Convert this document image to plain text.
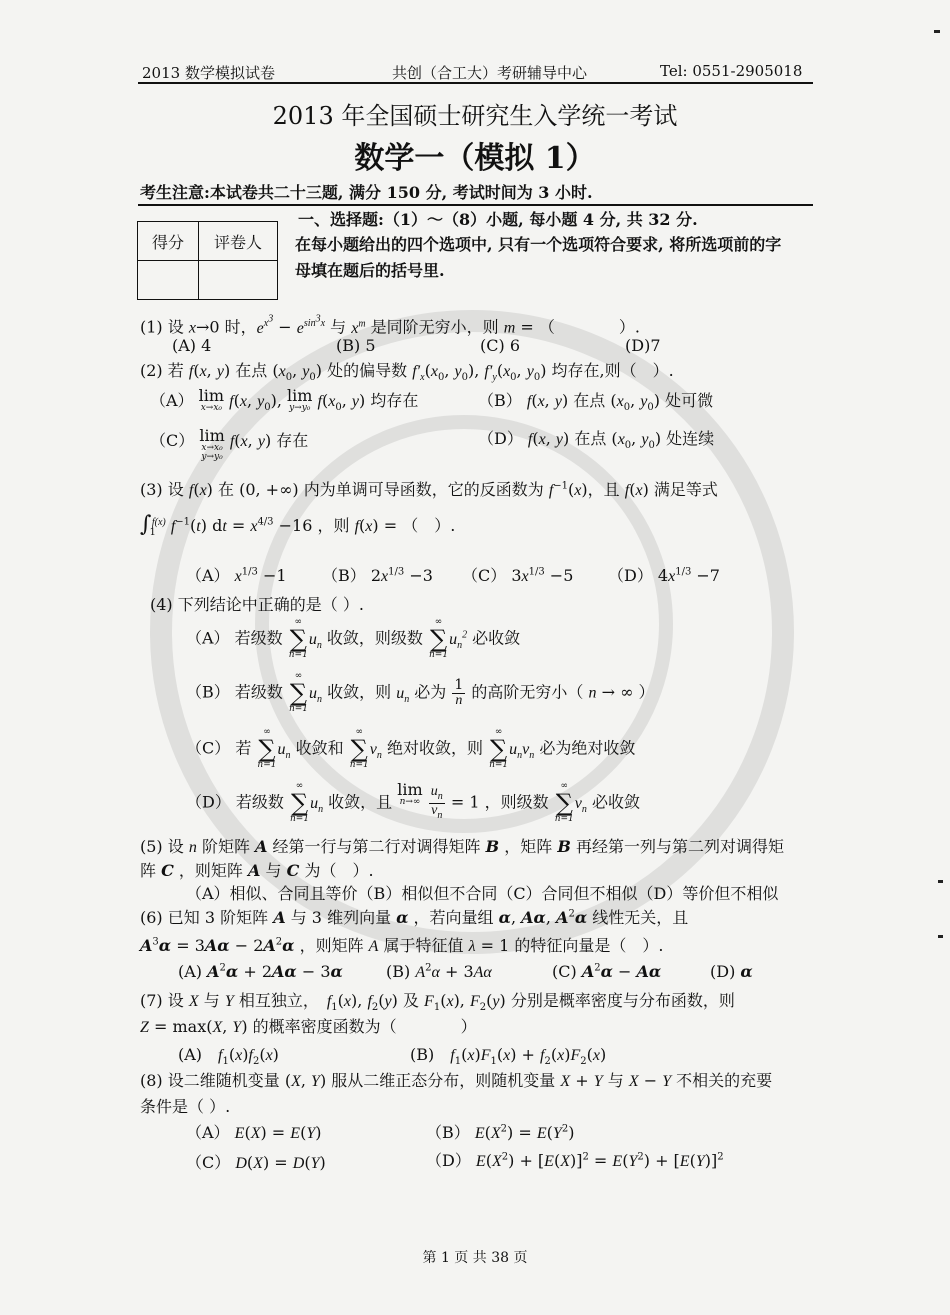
2013 数学模拟试卷	共创（合工大）考研辅导中心	Tel: 0551-2905018
2013 年全国硕士研究生入学统一考试
数学一（模拟 1）
考生注意:本试卷共二十三题, 满分 150 分, 考试时间为 3 小时.
得分	评卷人

一、选择题:（1）～（8）小题, 每小题 4 分, 共 32 分.
在每小题给出的四个选项中, 只有一个选项符合要求, 将所选项前的字
母填在题后的括号里.
(1) 设 x→0 时，$e^{x^3} - e^{sin^3x}$ 与 $x^m$ 是同阶无穷小，则 m = （　　　　）.
(A) 4	(B) 5	(C) 6	(D)7
(2) 若 f(x, y) 在点 ($x_0$, $y_0$) 处的偏导数 $f'_x(x_0$, $y_0$), $f'_y(x_0$, $y_0$) 均存在,则（　）.
（A） lim
x→x₀ f(x, $y_0$), lim
y→y₀ $f(x_0$, y) 均存在	（B） f(x, y) 在点 ($x_0$, $y_0$) 处可微
（C） lim
x→x₀
y→y₀
f(x, y) 存在	（D） f(x, y) 在点 ($x_0$, $y_0$) 处连续
(3) 设 f(x) 在 (0, +∞) 内为单调可导函数，它的反函数为 $f^{-1}(x)$，且 f(x) 满足等式
$\int_1^{f(x)}$ $f^{-1}(t)$ dt = $x^{4/3} -16$ ，则 f(x) = （　）.
（A） $x^{1/3} -1$ （B） $2x^{1/3} -3$ （C） $3x^{1/3} -5$ （D） $4x^{1/3} -7$
(4) 下列结论中正确的是（ ）.
（A） 若级数
∞
∑
n=1
$u_n$ 收敛，则级数
∞
∑
n=1
$u_n^2$ 必收敛
（B） 若级数
∞
∑
n=1
$u_n$ 收敛，则 $u_n$ 必为 $\frac{1}{n}$ 的高阶无穷小（ n → ∞ ）
（C） 若
∞
∑
n=1
$u_n$ 收敛和
∞
∑
n=1
$v_n$ 绝对收敛，则
∞
∑
n=1
$u_nv_n$ 必为绝对收敛
（D） 若级数
∞
∑
n=1
$u_n$ 收敛，且
lim
n→∞
$\frac{u_n}{v_n} = 1$ ，则级数
∞
∑
n=1
$v_n$ 必收敛
(5) 设 n 阶矩阵 A 经第一行与第二行对调得矩阵 B ，矩阵 B 再经第一列与第二列对调得矩
阵 C ，则矩阵 A 与 C 为（　）.
（A）相似、合同且等价（B）相似但不合同（C）合同但不相似（D）等价但不相似
(6) 已知 3 阶矩阵 A 与 3 维列向量 α ，若向量组 α, Aα, $A^2\alpha$ 线性无关，且
$A^3\alpha = 3A\alpha - 2A^2\alpha$ ，则矩阵 A 属于特征值 λ = 1 的特征向量是（　）.
(A) $A^2\alpha + 2A\alpha - 3\alpha$	(B) $A^2\alpha + 3A\alpha$	(C) $A^2\alpha - A\alpha$	(D) α
(7) 设 X 与 Y 相互独立，　$f_1(x)$, $f_2(y)$ 及 $F_1(x)$, $F_2(y)$ 分别是概率密度与分布函数，则
Z = max(X, Y) 的概率密度函数为（　　　　）
(A)　$f_1(x)f_2(x)$	(B)　$f_1(x)F_1(x) + f_2(x)F_2(x)$
(8) 设二维随机变量 (X, Y) 服从二维正态分布，则随机变量 X + Y 与 X − Y 不相关的充要
条件是（ ）.
（A） E(X) = E(Y)	（B） $E(X^2) = E(Y^2)$
（C） D(X) = D(Y)	（D） $E(X^2) + [E(X)]^2 = E(Y^2) + [E(Y)]^2$
第 1 页 共 38 页
